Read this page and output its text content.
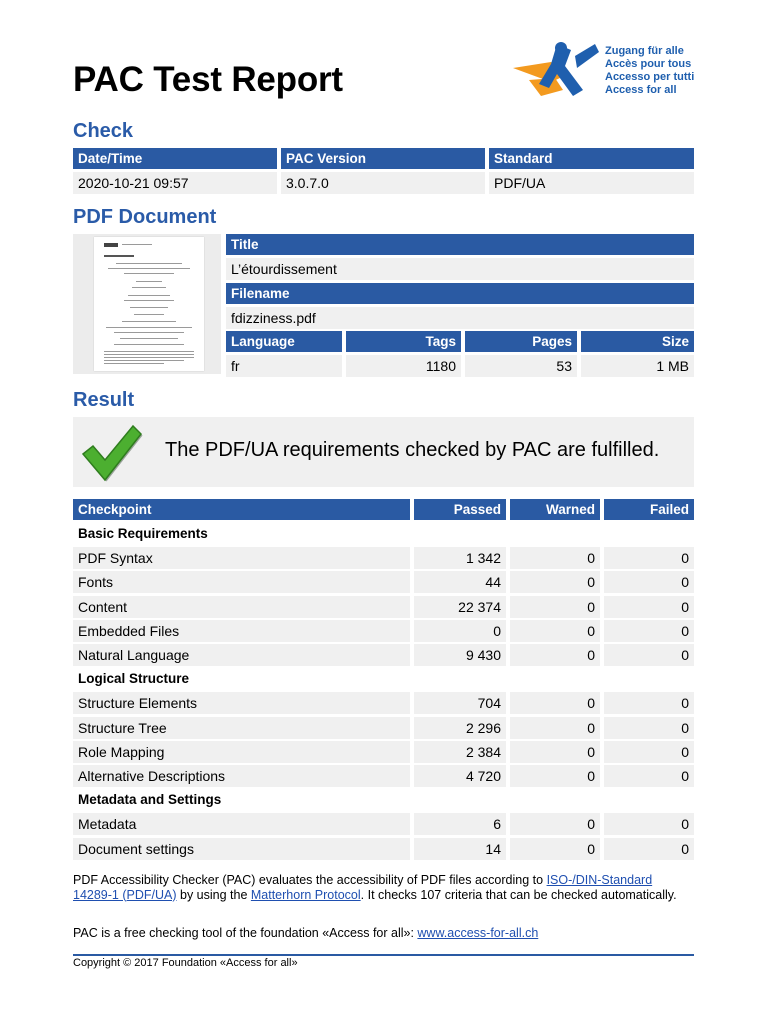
PAC Test Report
Zugang für alle
Accès pour tous
Accesso per tutti
Access for all
Check
Date/Time	PAC Version	Standard
2020-10-21 09:57	3.0.7.0	PDF/UA
PDF Document
Title
L’étourdissement
Filename
fdizziness.pdf
Language	Tags	Pages	Size
fr	1180	53	1 MB
Result
The PDF/UA requirements checked by PAC are fulfilled.
Checkpoint	Passed	Warned	Failed
Basic Requirements
PDF Syntax	1 342	0	0
Fonts	44	0	0
Content	22 374	0	0
Embedded Files	0	0	0
Natural Language	9 430	0	0
Logical Structure
Structure Elements	704	0	0
Structure Tree	2 296	0	0
Role Mapping	2 384	0	0
Alternative Descriptions	4 720	0	0
Metadata and Settings
Metadata	6	0	0
Document settings	14	0	0
PDF Accessibility Checker (PAC) evaluates the accessibility of PDF files according to ISO-/DIN-Standard 14289-1 (PDF/UA) by using the Matterhorn Protocol. It checks 107 criteria that can be checked automatically.
PAC is a free checking tool of the foundation «Access for all»: www.access-for-all.ch
Copyright © 2017 Foundation «Access for all»
